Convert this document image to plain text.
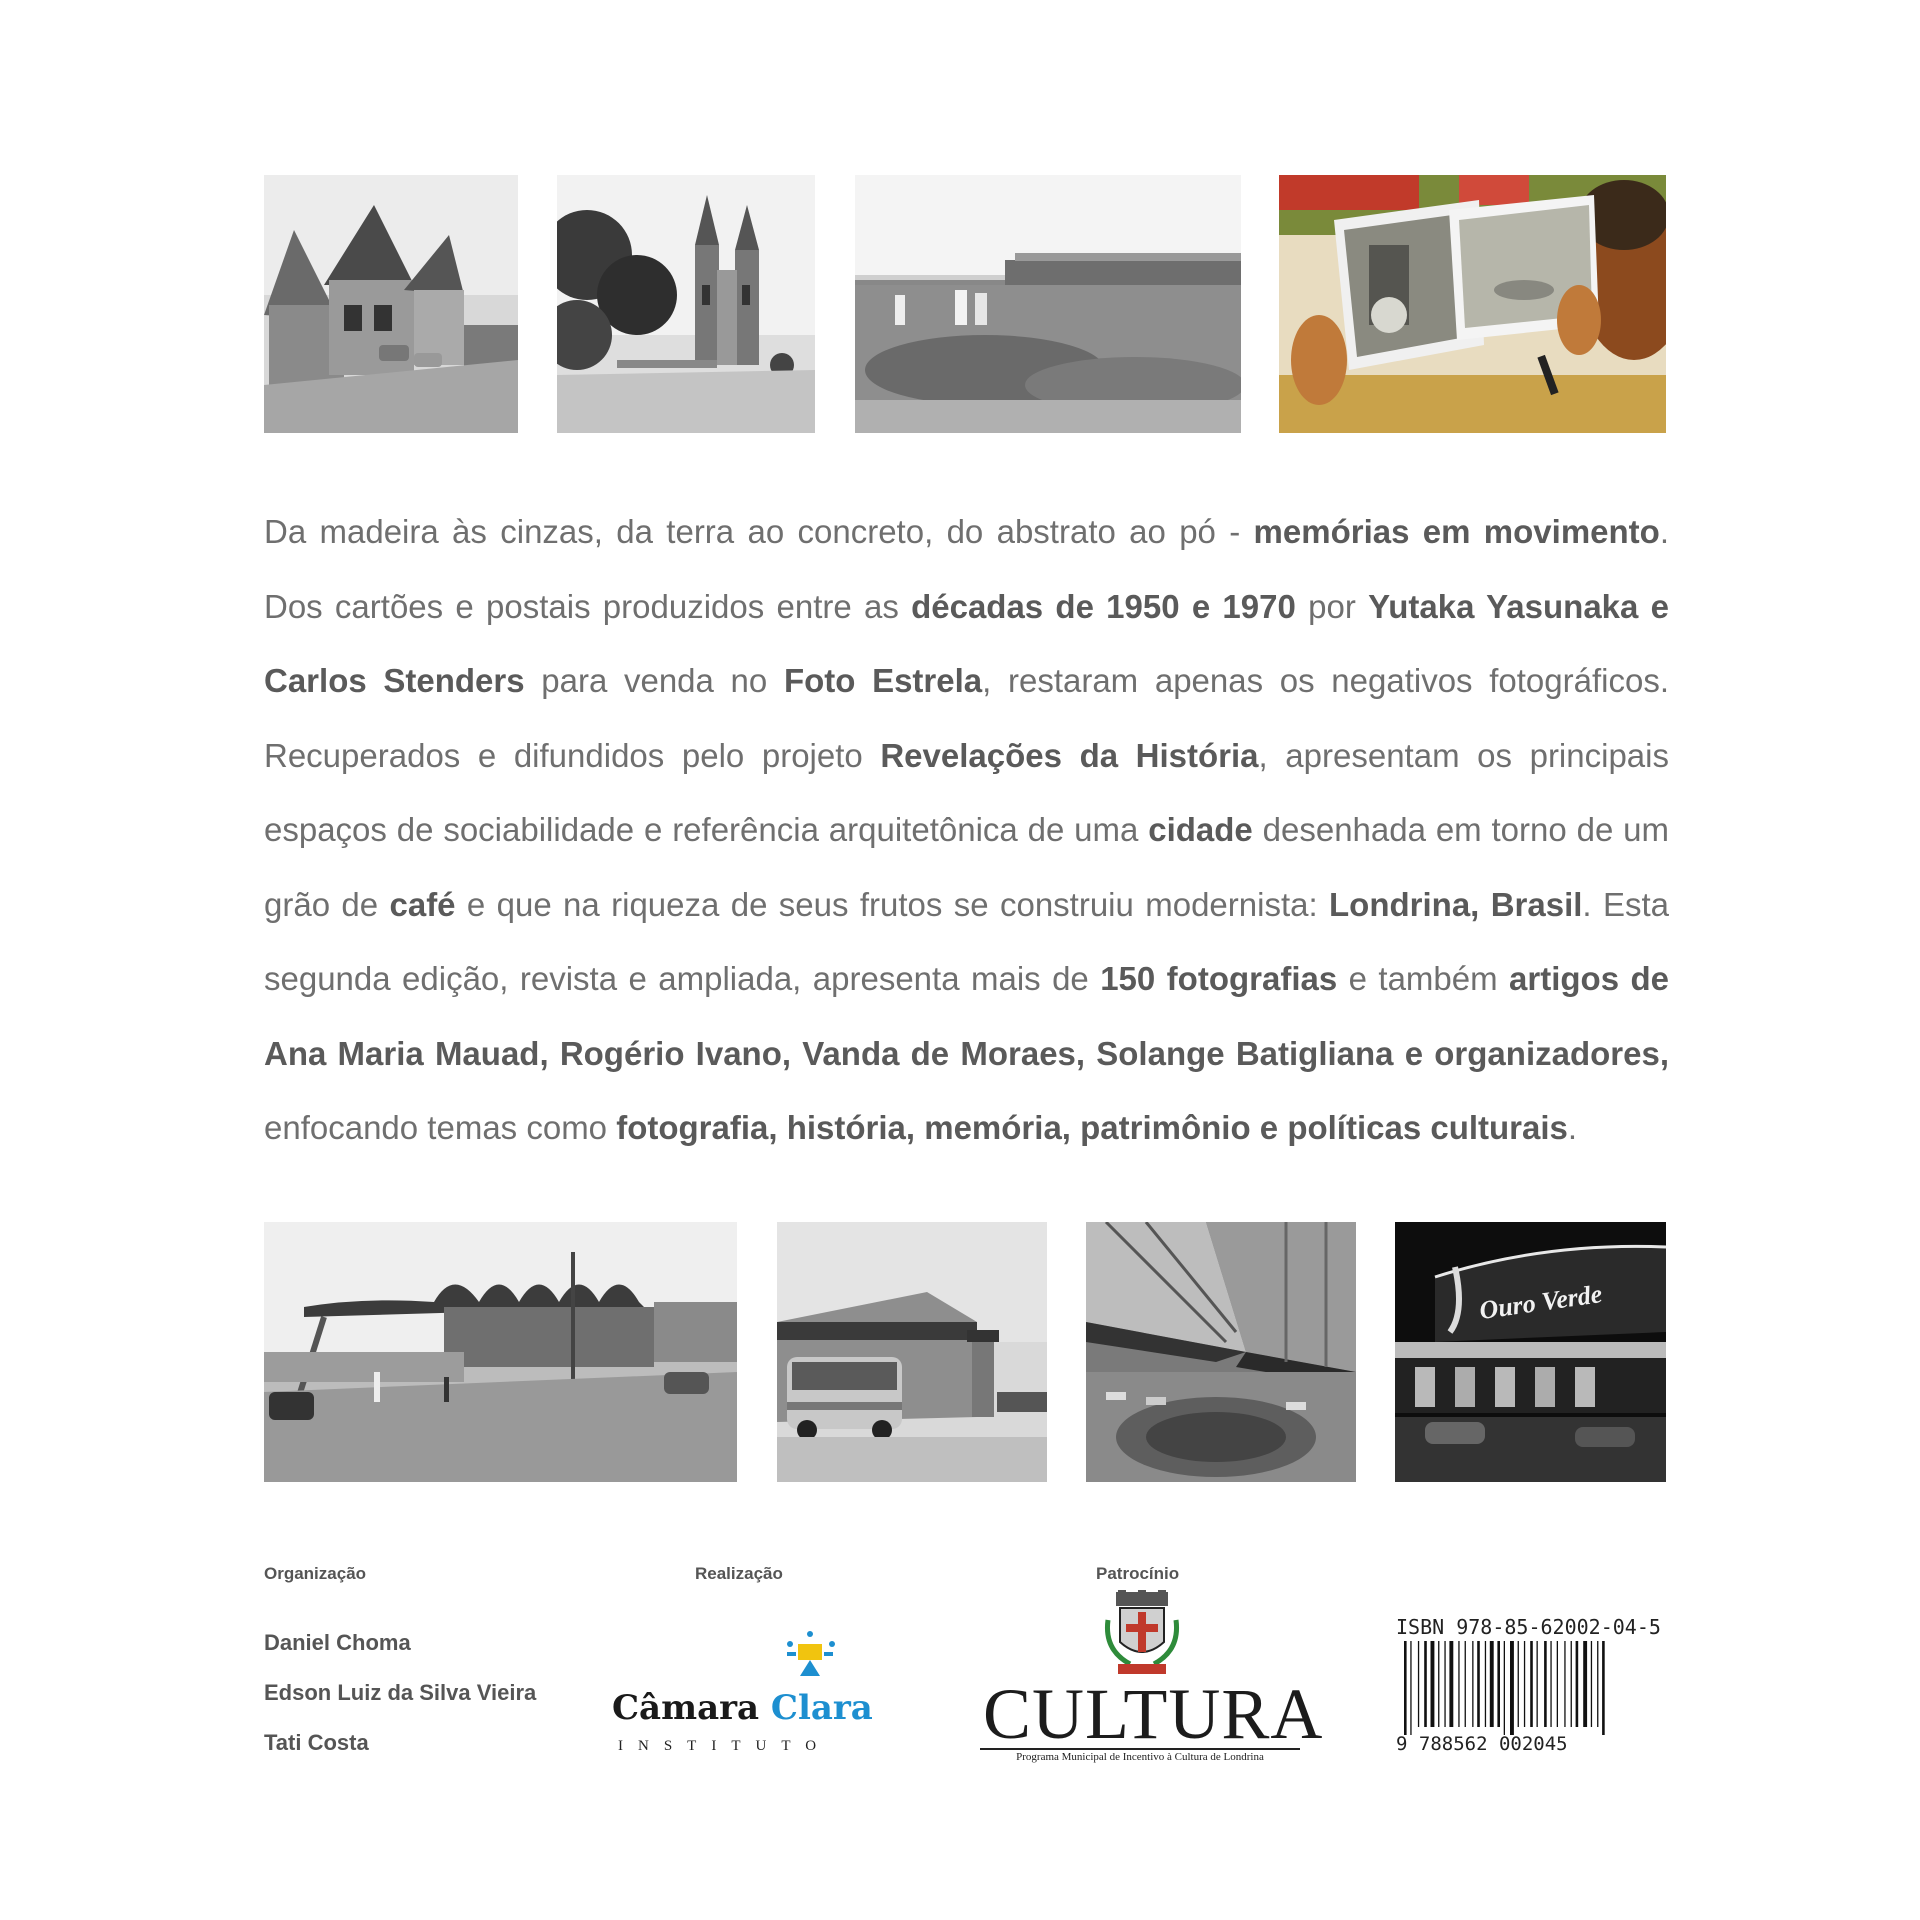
Da madeira às cinzas, da terra ao concreto, do abstrato ao pó - memórias em movimento. Dos cartões e postais produzidos entre as décadas de 1950 e 1970 por Yutaka Yasunaka e Carlos Stenders para venda no Foto Estrela, restaram apenas os negativos fotográficos. Recuperados e difundidos pelo projeto Revelações da História, apresentam os principais espaços de sociabilidade e referência arquitetônica de uma cidade desenhada em torno de um grão de café e que na riqueza de seus frutos se construiu modernista: Londrina, Brasil. Esta segunda edição, revista e ampliada, apresenta mais de 150 fotografias e também artigos de Ana Maria Mauad, Rogério Ivano, Vanda de Moraes, Solange Batigliana e organizadores, enfocando temas como fotografia, história, memória, patrimônio e políticas culturais.
Ouro Verde
Organização	Realização	Patrocínio
Daniel Choma
Edson Luiz da Silva Vieira
Tati Costa
Câmara Clara
INSTITUTO CULTURA
Programa Municipal de Incentivo à Cultura de Londrina
ISBN 978-85-62002-04-5
9 788562 002045
